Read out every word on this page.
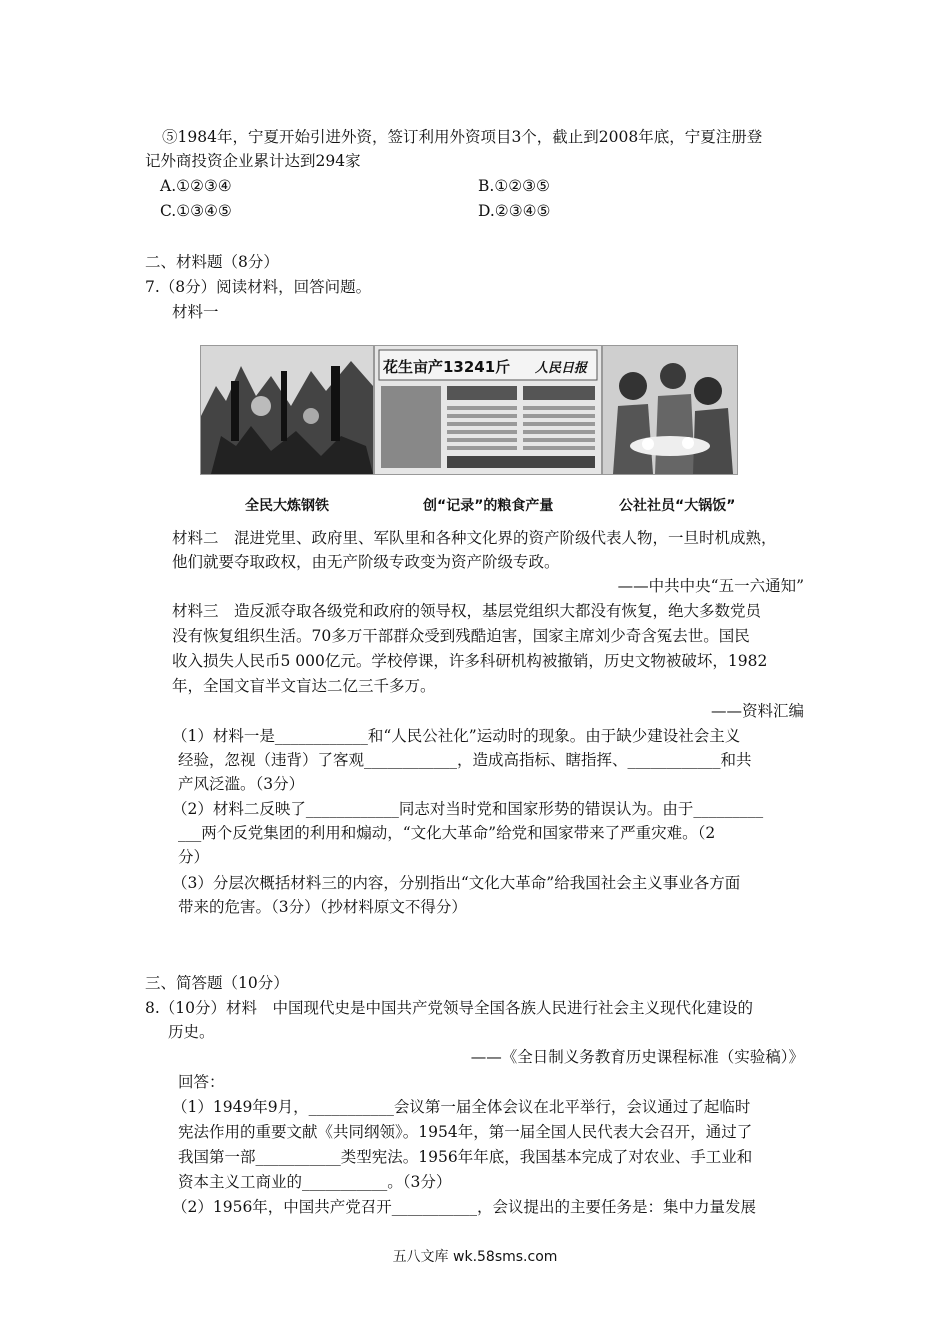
⑤1984年，宁夏开始引进外资，签订利用外资项目3个，截止到2008年底，宁夏注册登
记外商投资企业累计达到294家
A.①②③④	B.①②③⑤
C.①③④⑤	D.②③④⑤
二、材料题（8分）
7.（8分）阅读材料，回答问题。
材料一
花生亩产13241斤 人民日报
全民大炼钢铁	创“记录”的粮食产量	公社社员“大锅饭”
材料二　混进党里、政府里、军队里和各种文化界的资产阶级代表人物，一旦时机成熟，
他们就要夺取政权，由无产阶级专政变为资产阶级专政。
——中共中央“五一六通知”
材料三　造反派夺取各级党和政府的领导权，基层党组织大都没有恢复，绝大多数党员
没有恢复组织生活。70多万干部群众受到残酷迫害，国家主席刘少奇含冤去世。国民
收入损失人民币5 000亿元。学校停课，许多科研机构被撤销，历史文物被破坏，1982
年，全国文盲半文盲达二亿三千多万。
——资料汇编
（1）材料一是____________和“人民公社化”运动时的现象。由于缺少建设社会主义
经验，忽视（违背）了客观____________，造成高指标、瞎指挥、____________和共
产风泛滥。（3分）
（2）材料二反映了____________同志对当时党和国家形势的错误认为。由于_________
___两个反党集团的利用和煽动，“文化大革命”给党和国家带来了严重灾难。（2
分）
（3）分层次概括材料三的内容，分别指出“文化大革命”给我国社会主义事业各方面
带来的危害。（3分）（抄材料原文不得分）
三、简答题（10分）
8.（10分）材料　中国现代史是中国共产党领导全国各族人民进行社会主义现代化建设的
历史。
——《全日制义务教育历史课程标准（实验稿）》
回答：
（1）1949年9月，___________会议第一届全体会议在北平举行，会议通过了起临时
宪法作用的重要文献《共同纲领》。1954年，第一届全国人民代表大会召开，通过了
我国第一部___________类型宪法。1956年年底，我国基本完成了对农业、手工业和
资本主义工商业的___________。（3分）
（2）1956年，中国共产党召开___________，会议提出的主要任务是：集中力量发展
五八文库 wk.58sms.com
